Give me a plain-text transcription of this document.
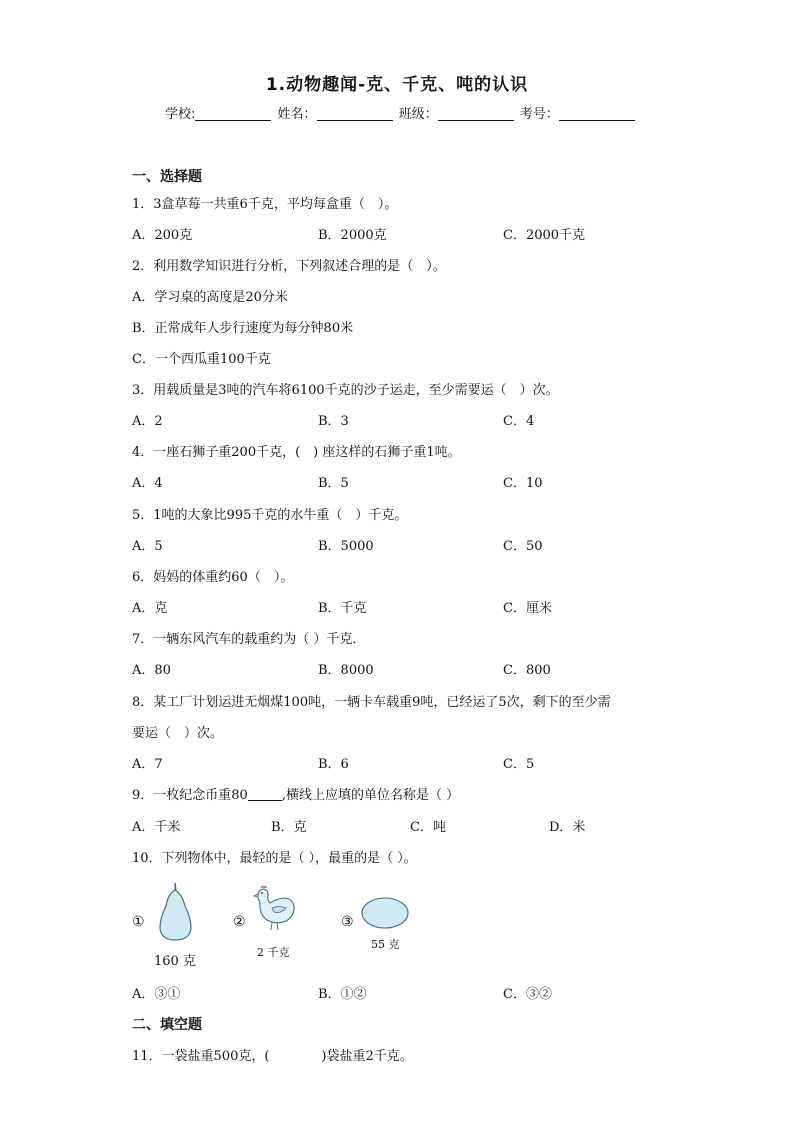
1.动物趣闻-克、千克、吨的认识
学校:	姓名：	班级：	考号：
一、选择题
1．3盒草莓一共重6千克，平均每盒重（　）。
A．200克	B．2000克	C．2000千克
2．利用数学知识进行分析，下列叙述合理的是（　）。
A．学习桌的高度是20分米
B．正常成年人步行速度为每分钟80米
C．一个西瓜重100千克
3．用载质量是3吨的汽车将6100千克的沙子运走，至少需要运（　）次。
A．2	B．3	C．4
4．一座石狮子重200千克，(　) 座这样的石狮子重1吨。
A．4	B．5	C．10
5．1吨的大象比995千克的水牛重（　）千克。
A．5	B．5000	C．50
6．妈妈的体重约60（　）。
A．克	B．千克	C．厘米
7．一辆东风汽车的载重约为（ ）千克．
A．80	B．8000	C．800
8．某工厂计划运进无烟煤100吨，一辆卡车载重9吨，已经运了5次，剩下的至少需
要运（　）次。
A．7	B．6	C．5
9．一枚纪念币重80	,横线上应填的单位名称是（ ）
A．千米	B．克	C．吨	D．米
10．下列物体中，最轻的是（ ），最重的是（ ）。
①
160 克
②
2 千克
③
55 克
A．③①	B．①②	C．③②
二、填空题
11．一袋盐重500克，(　　　　)袋盐重2千克。
